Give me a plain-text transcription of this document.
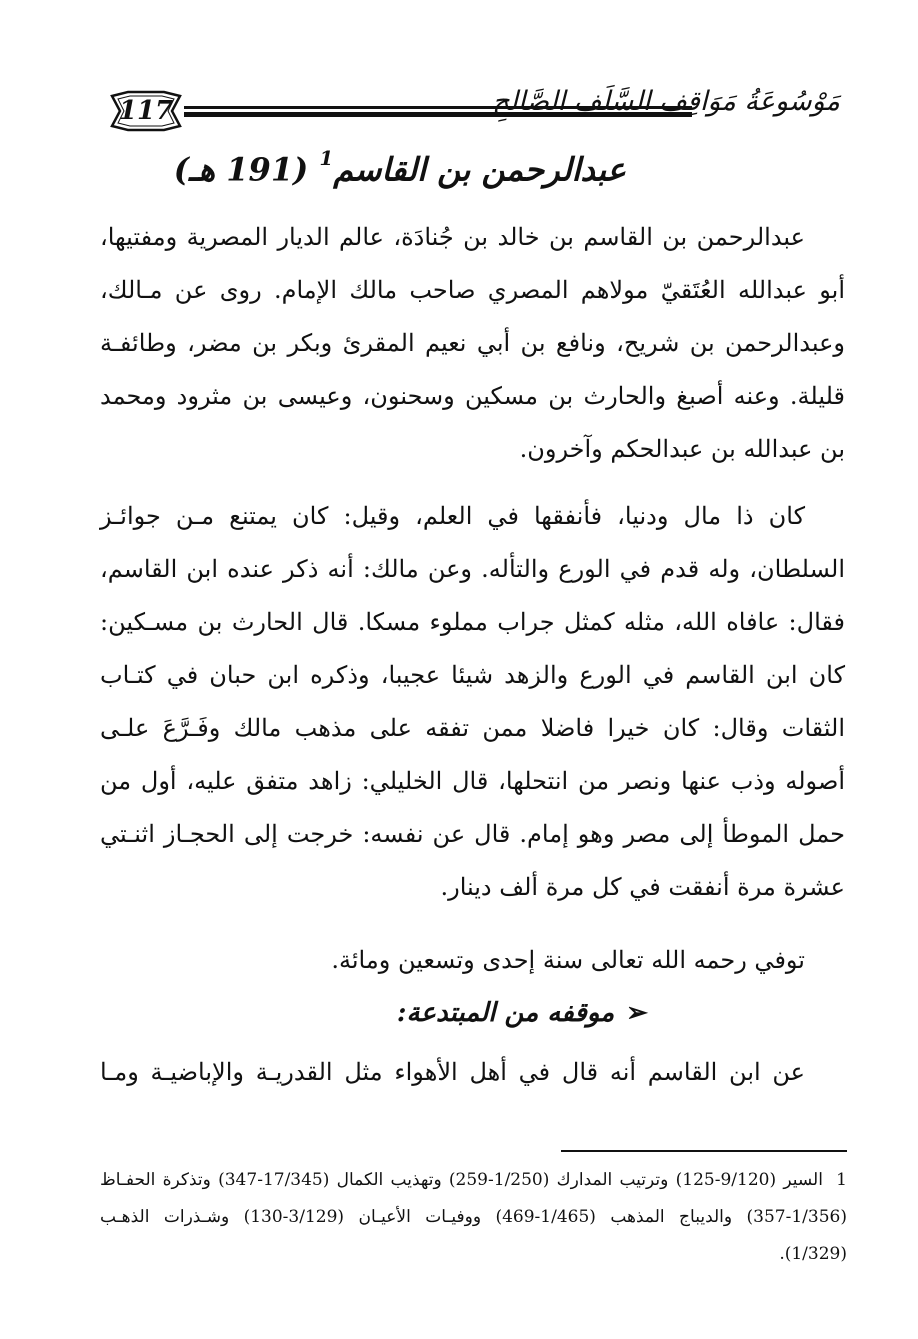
117	مَوْسُوعَةُ مَوَاقِفِ السَّلَفِ الصَّالِحِ
عبدالرحمن بن القاسم$^1$ (191 هـ)
عبدالرحمن بن القاسم بن خالد بن جُنادَة، عالم الديار المصرية ومفتيها، أبو عبدالله العُتَقيّ مولاهم المصري صاحب مالك الإمام. روى عن مـالك، وعبدالرحمن بن شريح، ونافع بن أبي نعيم المقرئ وبكر بن مضر، وطائفـة قليلة. وعنه أصبغ والحارث بن مسكين وسحنون، وعيسى بن مثرود ومحمد بن عبدالله بن عبدالحكم وآخرون.
كان ذا مال ودنيا، فأنفقها في العلم، وقيل: كان يمتنع مـن جوائـز السلطان، وله قدم في الورع والتأله. وعن مالك: أنه ذكر عنده ابن القاسم، فقال: عافاه الله، مثله كمثل جراب مملوء مسكا. قال الحارث بن مسـكين: كان ابن القاسم في الورع والزهد شيئا عجيبا، وذكره ابن حبان في كتـاب الثقات وقال: كان خيرا فاضلا ممن تفقه على مذهب مالك وفَـرَّعَ علـى أصوله وذب عنها ونصر من انتحلها، قال الخليلي: زاهد متفق عليه، أول من حمل الموطأ إلى مصر وهو إمام. قال عن نفسه: خرجت إلى الحجـاز اثنـتي عشرة مرة أنفقت في كل مرة ألف دينار.
توفي رحمه الله تعالى سنة إحدى وتسعين ومائة.
➢
موقفه من المبتدعة:
عن ابن القاسم أنه قال في أهل الأهواء مثل القدريـة والإباضيـة ومـا
1 السير (9/120-125) وترتيب المدارك (1/250-259) وتهذيب الكمال (17/345-347) وتذكرة الحفـاظ (1/356-357) والديباج المذهب (1/465-469) ووفيـات الأعيـان (3/129-130) وشـذرات الذهـب (1/329).
